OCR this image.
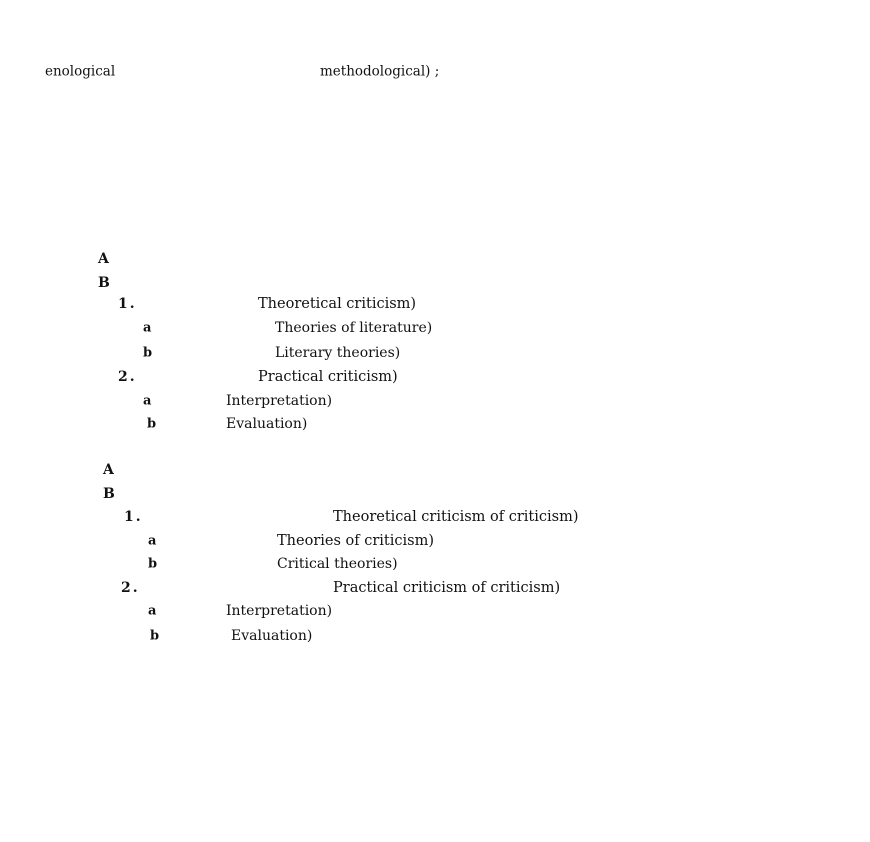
enological	methodological) ;
A
B
1.	Theoretical criticism)
a	Theories of literature)
b	Literary theories)
2.	Practical criticism)
a	Interpretation)
b	Evaluation)
A
B
1.	Theoretical criticism of criticism)
a	Theories of criticism)
b	Critical theories)
2.	Practical criticism of criticism)
a	Interpretation)
b	Evaluation)
